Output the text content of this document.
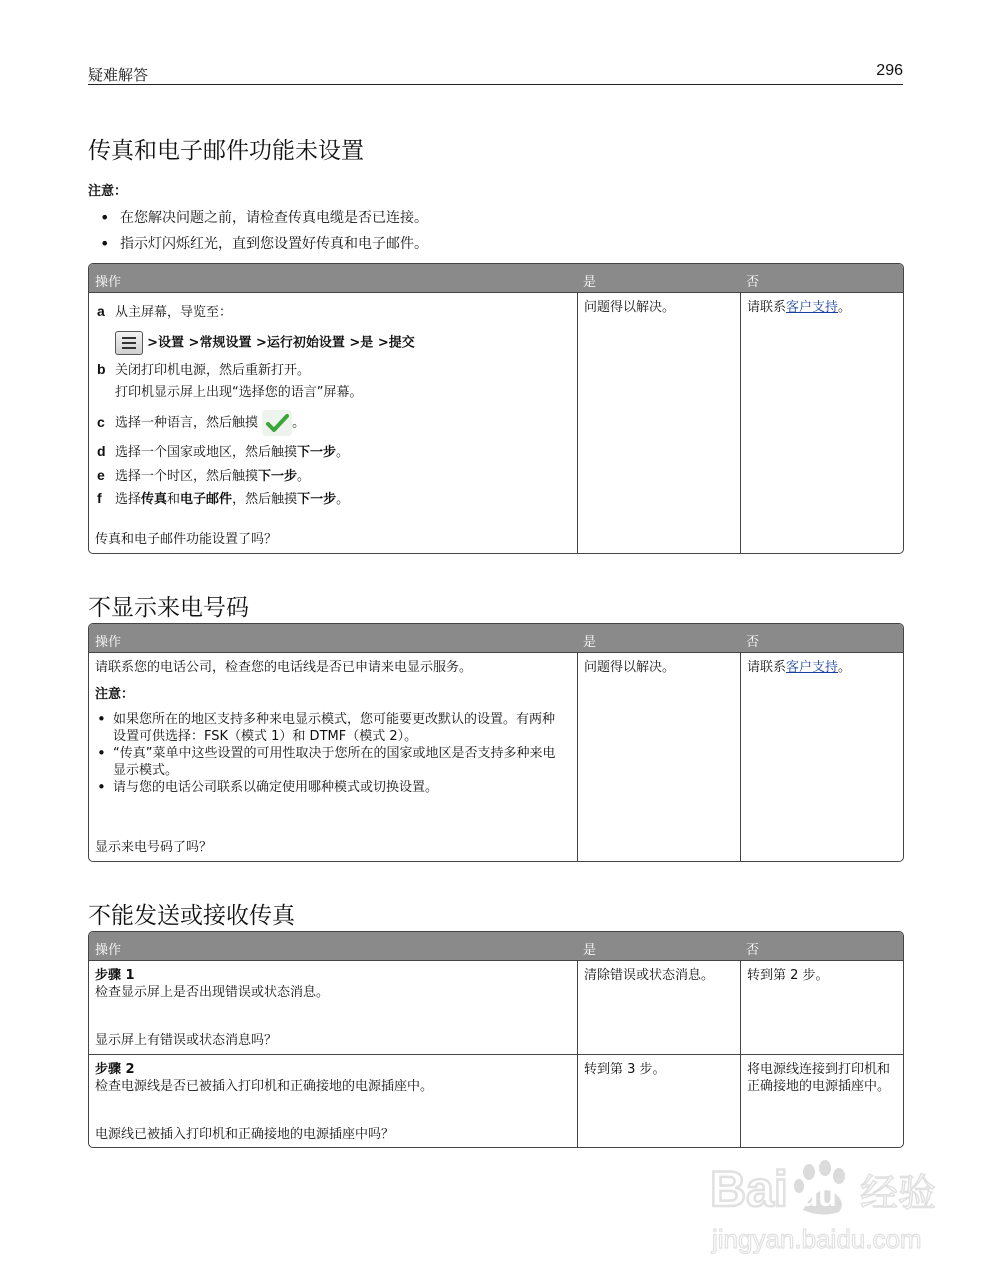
疑难解答	296
传真和电子邮件功能未设置
注意：
• 在您解决问题之前，请检查传真电缆是否已连接。
• 指示灯闪烁红光，直到您设置好传真和电子邮件。
操作	是	否
a 从主屏幕，导览至：
>设置 >常规设置 >运行初始设置 >是 >提交
b 关闭打印机电源，然后重新打开。
打印机显示屏上出现“选择您的语言”屏幕。
c 选择一种语言，然后触摸	。
d 选择一个国家或地区，然后触摸下一步。
e 选择一个时区，然后触摸下一步。
f 选择传真和电子邮件，然后触摸下一步。
传真和电子邮件功能设置了吗？
问题得以解决。	请联系客户支持。
不显示来电号码
操作	是	否
请联系您的电话公司，检查您的电话线是否已申请来电显示服务。
注意：
• 如果您所在的地区支持多种来电显示模式，您可能要更改默认的设置。有两种设置可供选择：FSK（模式 1）和 DTMF（模式 2）。
• “传真”菜单中这些设置的可用性取决于您所在的国家或地区是否支持多种来电显示模式。
• 请与您的电话公司联系以确定使用哪种模式或切换设置。
显示来电号码了吗？
问题得以解决。	请联系客户支持。
不能发送或接收传真
操作	是	否
步骤 1
检查显示屏上是否出现错误或状态消息。
显示屏上有错误或状态消息吗？
清除错误或状态消息。	转到第 2 步。
步骤 2
检查电源线是否已被插入打印机和正确接地的电源插座中。
电源线已被插入打印机和正确接地的电源插座中吗？
转到第 3 步。	将电源线连接到打印机和正确接地的电源插座中。
Bai du 经验
jingyan.baidu.com
